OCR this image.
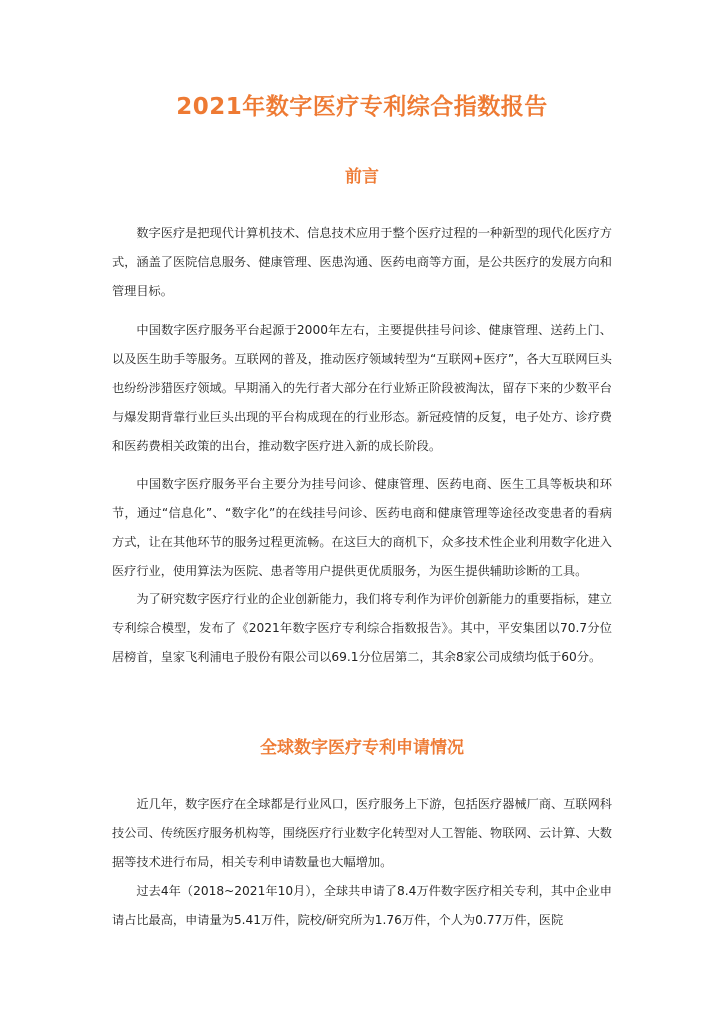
2021年数字医疗专利综合指数报告
前言

数字医疗是把现代计算机技术、信息技术应用于整个医疗过程的一种新型的现代化医疗方式，涵盖了医院信息服务、健康管理、医患沟通、医药电商等方面，是公共医疗的发展方向和管理目标。

中国数字医疗服务平台起源于2000年左右，主要提供挂号问诊、健康管理、送药上门、以及医生助手等服务。互联网的普及，推动医疗领域转型为“互联网+医疗”，各大互联网巨头也纷纷涉猎医疗领域。早期涌入的先行者大部分在行业矫正阶段被淘汰，留存下来的少数平台与爆发期背靠行业巨头出现的平台构成现在的行业形态。新冠疫情的反复，电子处方、诊疗费和医药费相关政策的出台，推动数字医疗进入新的成长阶段。

中国数字医疗服务平台主要分为挂号问诊、健康管理、医药电商、医生工具等板块和环节，通过“信息化”、“数字化”的在线挂号问诊、医药电商和健康管理等途径改变患者的看病方式，让在其他环节的服务过程更流畅。在这巨大的商机下，众多技术性企业利用数字化进入医疗行业，使用算法为医院、患者等用户提供更优质服务，为医生提供辅助诊断的工具。

为了研究数字医疗行业的企业创新能力，我们将专利作为评价创新能力的重要指标，建立专利综合模型，发布了《2021年数字医疗专利综合指数报告》。其中，平安集团以70.7分位居榜首，皇家飞利浦电子股份有限公司以69.1分位居第二，其余8家公司成绩均低于60分。

全球数字医疗专利申请情况

近几年，数字医疗在全球都是行业风口，医疗服务上下游，包括医疗器械厂商、互联网科技公司、传统医疗服务机构等，围绕医疗行业数字化转型对人工智能、物联网、云计算、大数据等技术进行布局，相关专利申请数量也大幅增加。

过去4年（2018~2021年10月），全球共申请了8.4万件数字医疗相关专利，其中企业申请占比最高，申请量为5.41万件，院校/研究所为1.76万件，个人为0.77万件，医院
